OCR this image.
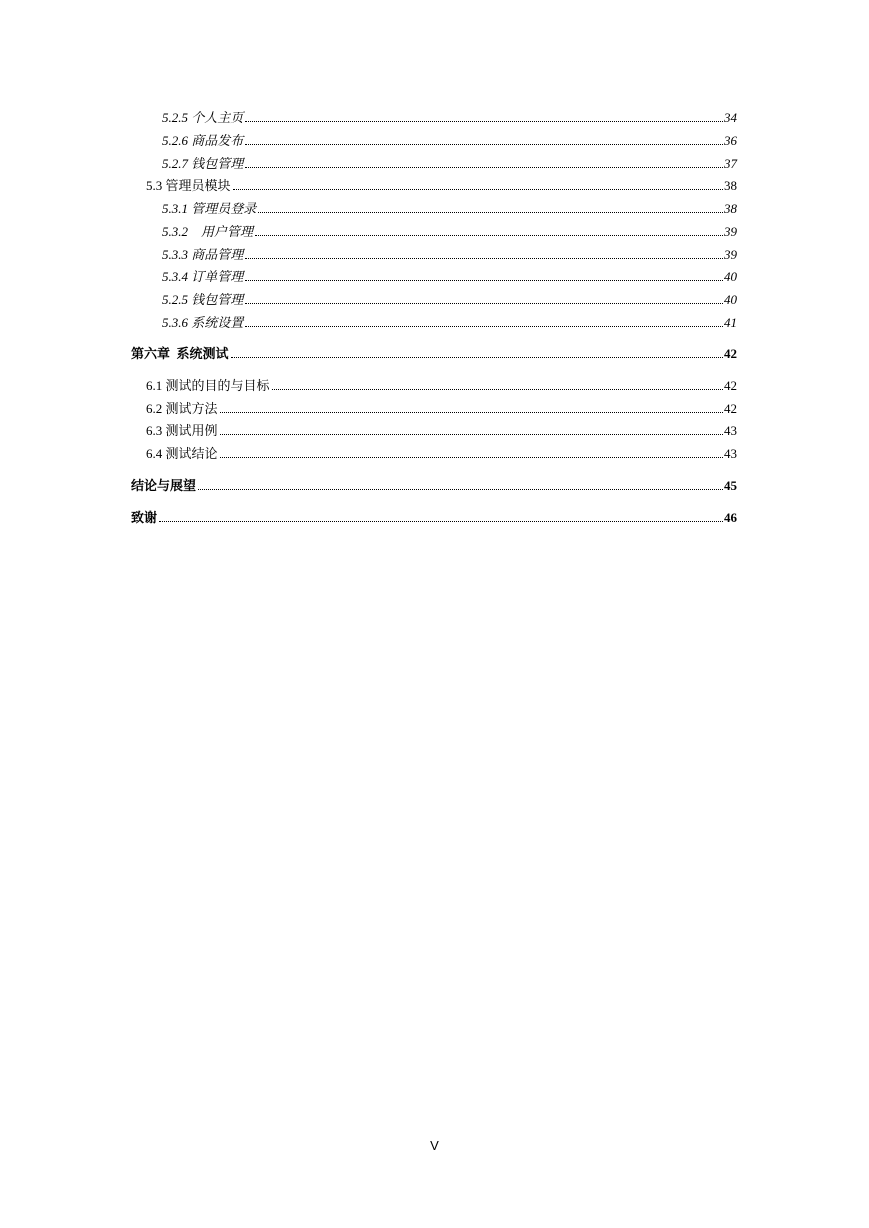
5.2.5 个人主页	34
5.2.6 商品发布	36
5.2.7 钱包管理	37
5.3 管理员模块	38
5.3.1 管理员登录	38
5.3.2    用户管理	39
5.3.3 商品管理	39
5.3.4 订单管理	40
5.2.5 钱包管理	40
5.3.6 系统设置	41
第六章  系统测试	42
6.1 测试的目的与目标	42
6.2 测试方法	42
6.3 测试用例	43
6.4 测试结论	43
结论与展望	45
致谢	46
V
